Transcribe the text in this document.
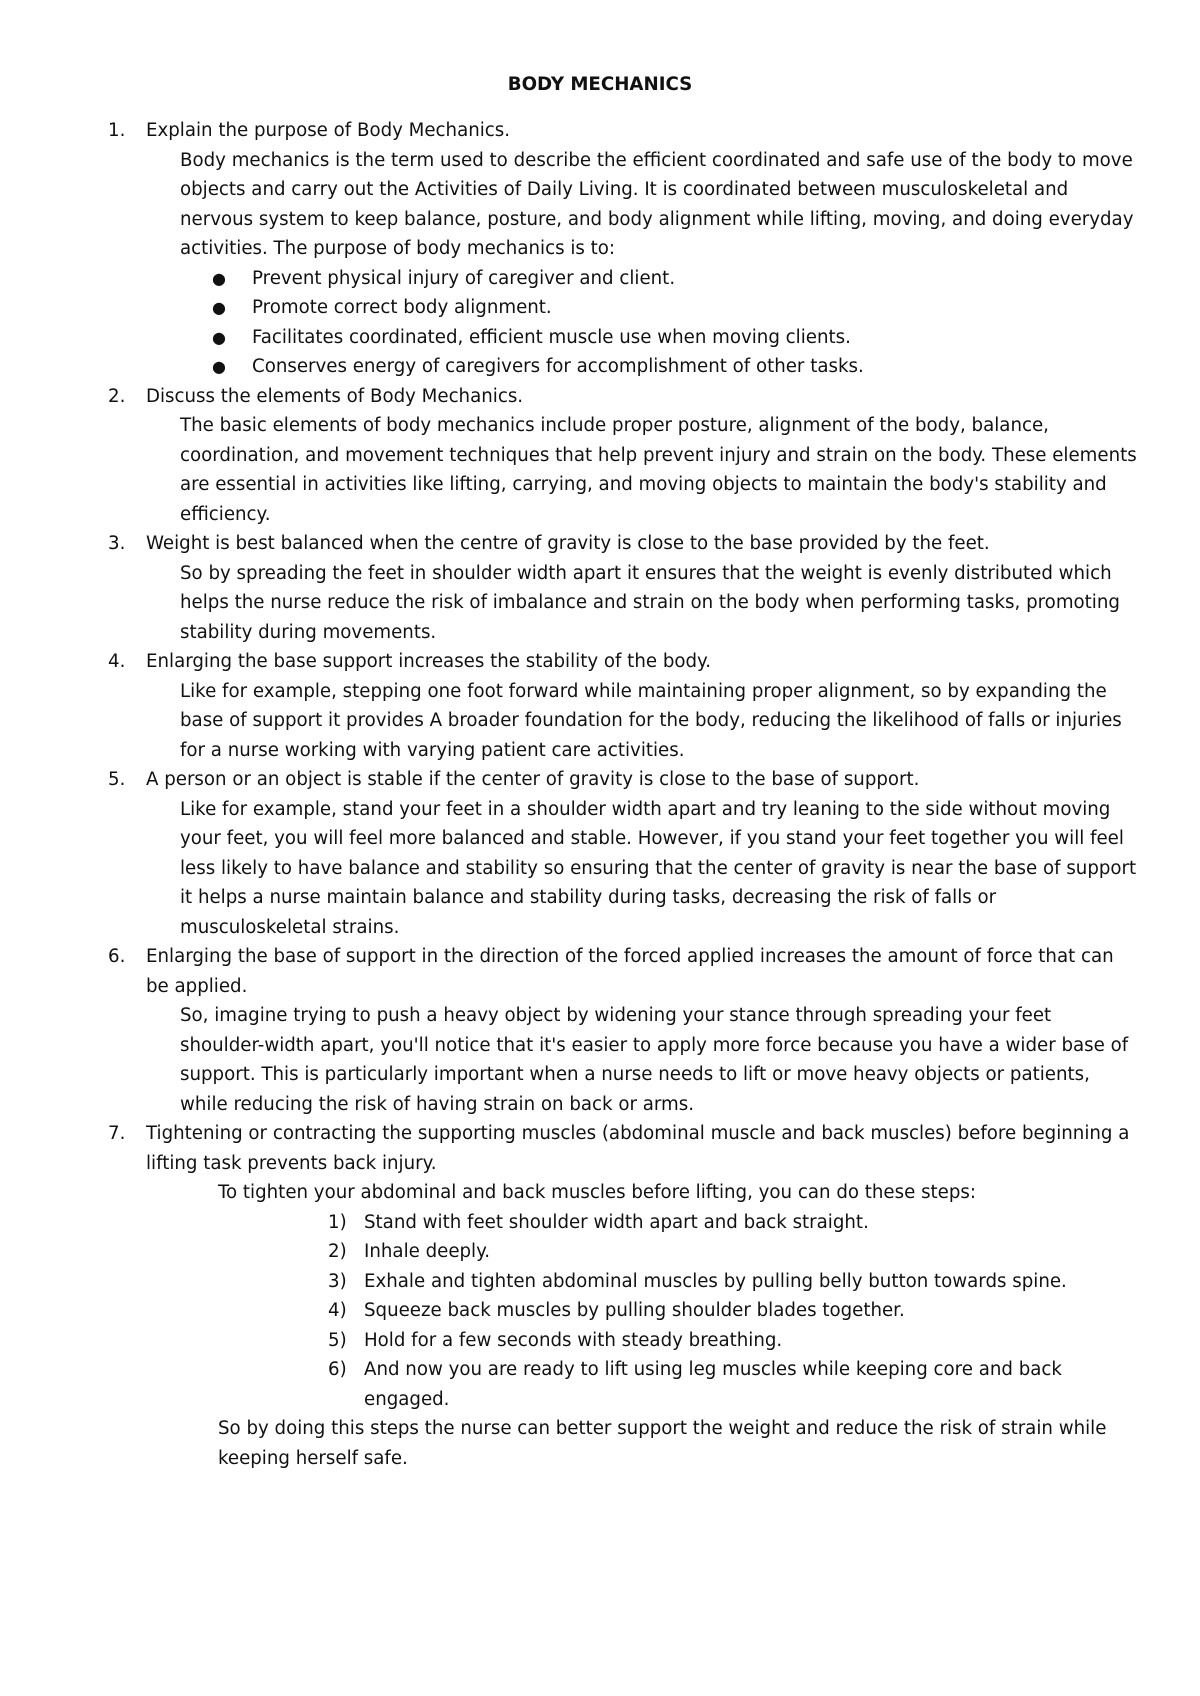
BODY MECHANICS
1. Explain the purpose of Body Mechanics.
Body mechanics is the term used to describe the efficient coordinated and safe use of the body to move objects and carry out the Activities of Daily Living. It is coordinated between musculoskeletal and nervous system to keep balance, posture, and body alignment while lifting, moving, and doing everyday activities. The purpose of body mechanics is to:
● Prevent physical injury of caregiver and client.
● Promote correct body alignment.
● Facilitates coordinated, efficient muscle use when moving clients.
● Conserves energy of caregivers for accomplishment of other tasks.
2. Discuss the elements of Body Mechanics.
The basic elements of body mechanics include proper posture, alignment of the body, balance, coordination, and movement techniques that help prevent injury and strain on the body. These elements are essential in activities like lifting, carrying, and moving objects to maintain the body's stability and efficiency.
3. Weight is best balanced when the centre of gravity is close to the base provided by the feet.
So by spreading the feet in shoulder width apart it ensures that the weight is evenly distributed which helps the nurse reduce the risk of imbalance and strain on the body when performing tasks, promoting stability during movements.
4. Enlarging the base support increases the stability of the body.
Like for example, stepping one foot forward while maintaining proper alignment, so by expanding the base of support it provides A broader foundation for the body, reducing the likelihood of falls or injuries for a nurse working with varying patient care activities.
5. A person or an object is stable if the center of gravity is close to the base of support.
Like for example, stand your feet in a shoulder width apart and try leaning to the side without moving your feet, you will feel more balanced and stable. However, if you stand your feet together you will feel less likely to have balance and stability so ensuring that the center of gravity is near the base of support it helps a nurse maintain balance and stability during tasks, decreasing the risk of falls or musculoskeletal strains.
6. Enlarging the base of support in the direction of the forced applied increases the amount of force that can be applied.
So, imagine trying to push a heavy object by widening your stance through spreading your feet shoulder-width apart, you'll notice that it's easier to apply more force because you have a wider base of support. This is particularly important when a nurse needs to lift or move heavy objects or patients, while reducing the risk of having strain on back or arms.
7. Tightening or contracting the supporting muscles (abdominal muscle and back muscles) before beginning a lifting task prevents back injury.
To tighten your abdominal and back muscles before lifting, you can do these steps:
1) Stand with feet shoulder width apart and back straight.
2) Inhale deeply.
3) Exhale and tighten abdominal muscles by pulling belly button towards spine.
4) Squeeze back muscles by pulling shoulder blades together.
5) Hold for a few seconds with steady breathing.
6) And now you are ready to lift using leg muscles while keeping core and back engaged.
So by doing this steps the nurse can better support the weight and reduce the risk of strain while keeping herself safe.
